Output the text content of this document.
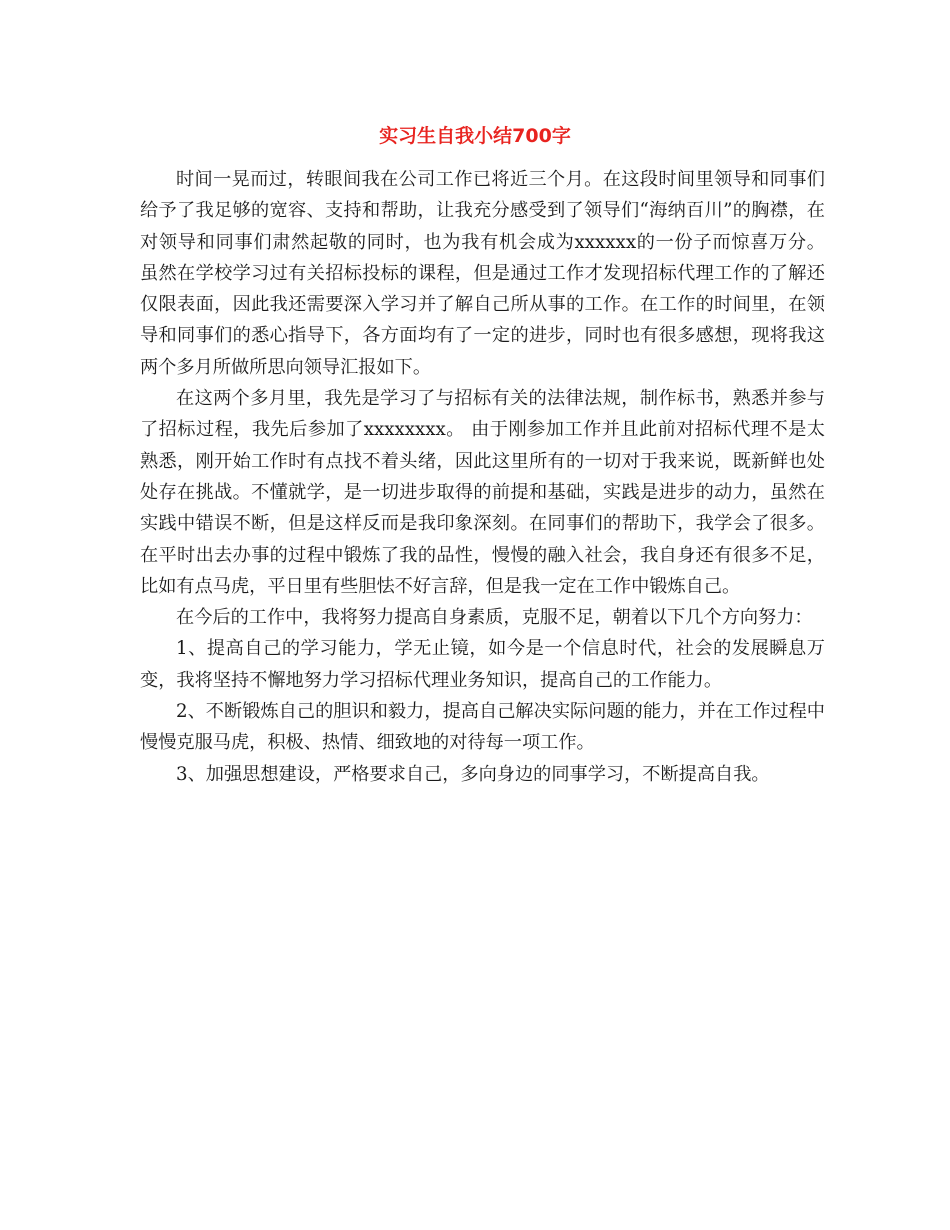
实习生自我小结700字

时间一晃而过，转眼间我在公司工作已将近三个月。在这段时间里领导和同事们给予了我足够的宽容、支持和帮助，让我充分感受到了领导们“海纳百川”的胸襟，在对领导和同事们肃然起敬的同时，也为我有机会成为xxxxxx的一份子而惊喜万分。 虽然在学校学习过有关招标投标的课程，但是通过工作才发现招标代理工作的了解还仅限表面，因此我还需要深入学习并了解自己所从事的工作。在工作的时间里，在领导和同事们的悉心指导下，各方面均有了一定的进步，同时也有很多感想，现将我这两个多月所做所思向领导汇报如下。

在这两个多月里，我先是学习了与招标有关的法律法规，制作标书，熟悉并参与了招标过程，我先后参加了xxxxxxxx。 由于刚参加工作并且此前对招标代理不是太熟悉，刚开始工作时有点找不着头绪，因此这里所有的一切对于我来说，既新鲜也处处存在挑战。不懂就学，是一切进步取得的前提和基础，实践是进步的动力，虽然在实践中错误不断，但是这样反而是我印象深刻。在同事们的帮助下，我学会了很多。在平时出去办事的过程中锻炼了我的品性，慢慢的融入社会，我自身还有很多不足，比如有点马虎，平日里有些胆怯不好言辞，但是我一定在工作中锻炼自己。

在今后的工作中，我将努力提高自身素质，克服不足，朝着以下几个方向努力：

1、提高自己的学习能力，学无止镜，如今是一个信息时代，社会的发展瞬息万变，我将坚持不懈地努力学习招标代理业务知识，提高自己的工作能力。

2、不断锻炼自己的胆识和毅力，提高自己解决实际问题的能力，并在工作过程中慢慢克服马虎，积极、热情、细致地的对待每一项工作。

3、加强思想建设，严格要求自己，多向身边的同事学习，不断提高自我。
